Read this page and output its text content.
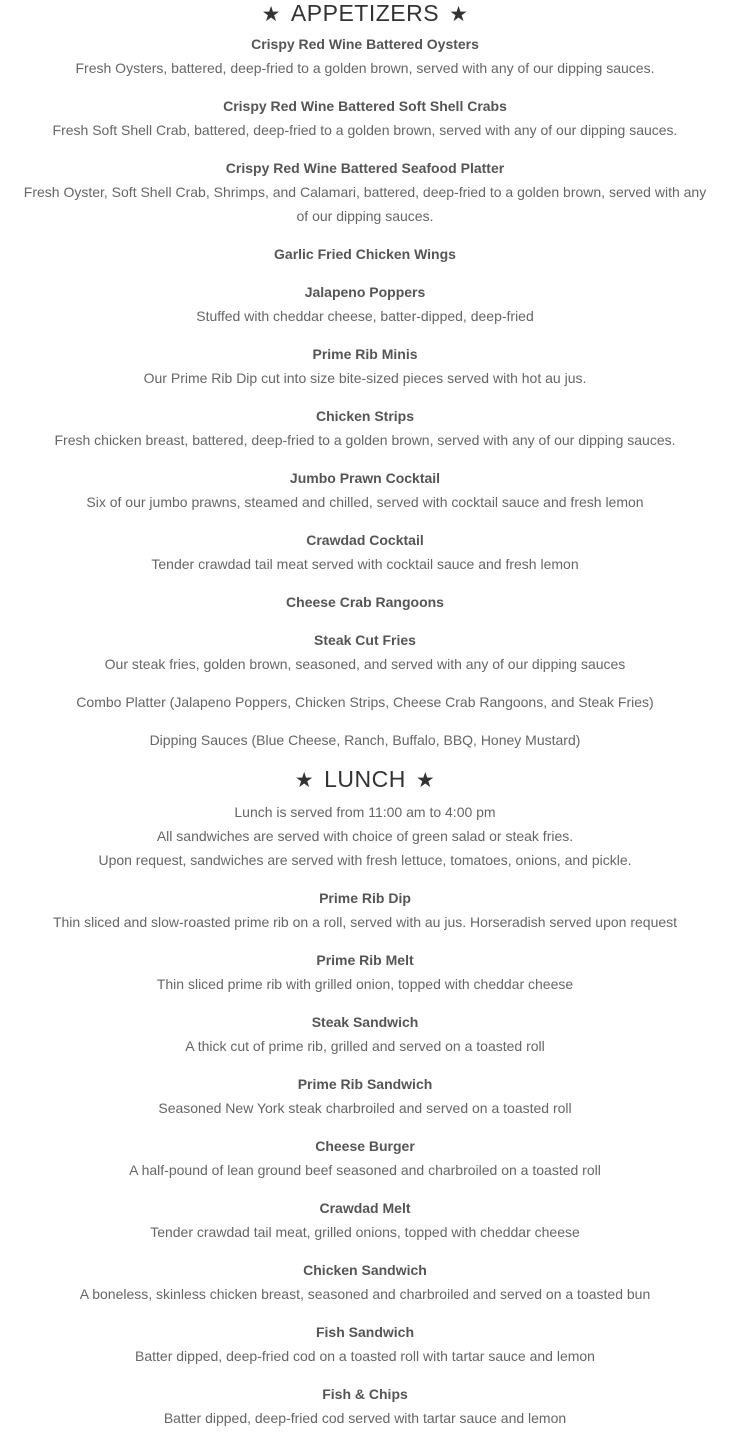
★ APPETIZERS ★
Crispy Red Wine Battered Oysters
Fresh Oysters, battered, deep-fried to a golden brown, served with any of our dipping sauces.
Crispy Red Wine Battered Soft Shell Crabs
Fresh Soft Shell Crab, battered, deep-fried to a golden brown, served with any of our dipping sauces.
Crispy Red Wine Battered Seafood Platter
Fresh Oyster, Soft Shell Crab, Shrimps, and Calamari, battered, deep-fried to a golden brown, served with any of our dipping sauces.
Garlic Fried Chicken Wings
Jalapeno Poppers
Stuffed with cheddar cheese, batter-dipped, deep-fried
Prime Rib Minis
Our Prime Rib Dip cut into size bite-sized pieces served with hot au jus.
Chicken Strips
Fresh chicken breast, battered, deep-fried to a golden brown, served with any of our dipping sauces.
Jumbo Prawn Cocktail
Six of our jumbo prawns, steamed and chilled, served with cocktail sauce and fresh lemon
Crawdad Cocktail
Tender crawdad tail meat served with cocktail sauce and fresh lemon
Cheese Crab Rangoons
Steak Cut Fries
Our steak fries, golden brown, seasoned, and served with any of our dipping sauces
Combo Platter (Jalapeno Poppers, Chicken Strips, Cheese Crab Rangoons, and Steak Fries)
Dipping Sauces (Blue Cheese, Ranch, Buffalo, BBQ, Honey Mustard)
★ LUNCH ★
Lunch is served from 11:00 am to 4:00 pm
All sandwiches are served with choice of green salad or steak fries.
Upon request, sandwiches are served with fresh lettuce, tomatoes, onions, and pickle.
Prime Rib Dip
Thin sliced and slow-roasted prime rib on a roll, served with au jus. Horseradish served upon request
Prime Rib Melt
Thin sliced prime rib with grilled onion, topped with cheddar cheese
Steak Sandwich
A thick cut of prime rib, grilled and served on a toasted roll
Prime Rib Sandwich
Seasoned New York steak charbroiled and served on a toasted roll
Cheese Burger
A half-pound of lean ground beef seasoned and charbroiled on a toasted roll
Crawdad Melt
Tender crawdad tail meat, grilled onions, topped with cheddar cheese
Chicken Sandwich
A boneless, skinless chicken breast, seasoned and charbroiled and served on a toasted bun
Fish Sandwich
Batter dipped, deep-fried cod on a toasted roll with tartar sauce and lemon
Fish & Chips
Batter dipped, deep-fried cod served with tartar sauce and lemon
